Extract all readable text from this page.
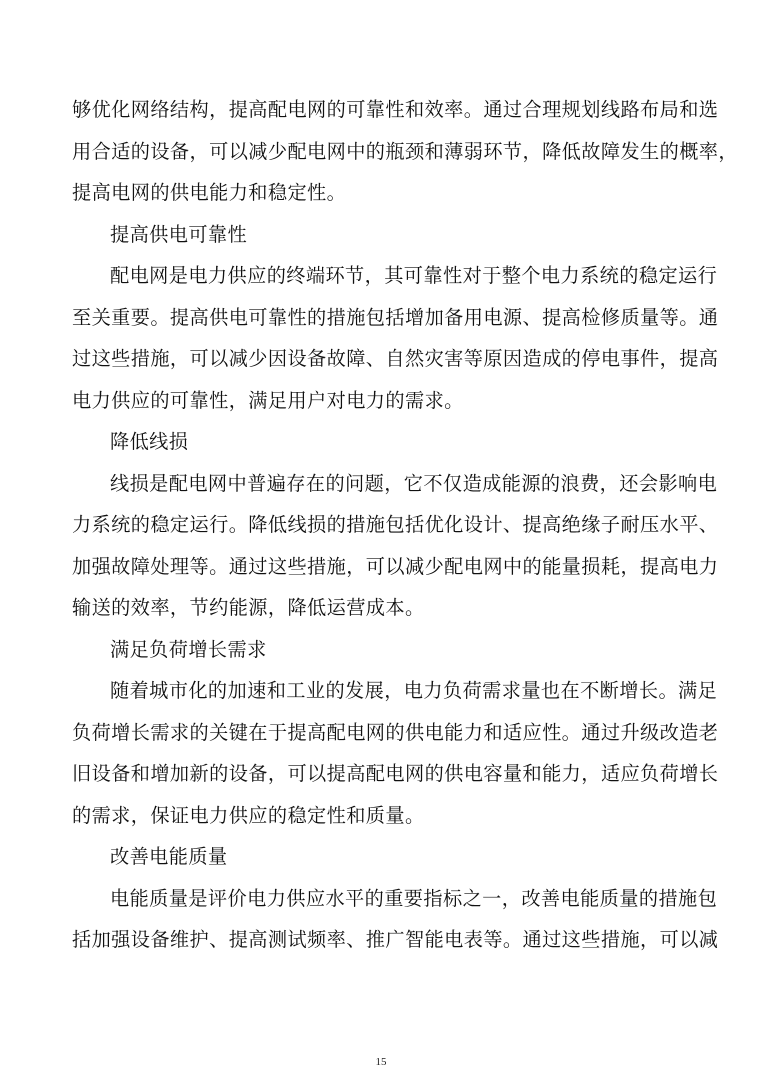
够优化网络结构，提高配电网的可靠性和效率。通过合理规划线路布局和选
用合适的设备，可以减少配电网中的瓶颈和薄弱环节，降低故障发生的概率，
提高电网的供电能力和稳定性。
提高供电可靠性
配电网是电力供应的终端环节，其可靠性对于整个电力系统的稳定运行
至关重要。提高供电可靠性的措施包括增加备用电源、提高检修质量等。通
过这些措施，可以减少因设备故障、自然灾害等原因造成的停电事件，提高
电力供应的可靠性，满足用户对电力的需求。
降低线损
线损是配电网中普遍存在的问题，它不仅造成能源的浪费，还会影响电
力系统的稳定运行。降低线损的措施包括优化设计、提高绝缘子耐压水平、
加强故障处理等。通过这些措施，可以减少配电网中的能量损耗，提高电力
输送的效率，节约能源，降低运营成本。
满足负荷增长需求
随着城市化的加速和工业的发展，电力负荷需求量也在不断增长。满足
负荷增长需求的关键在于提高配电网的供电能力和适应性。通过升级改造老
旧设备和增加新的设备，可以提高配电网的供电容量和能力，适应负荷增长
的需求，保证电力供应的稳定性和质量。
改善电能质量
电能质量是评价电力供应水平的重要指标之一，改善电能质量的措施包
括加强设备维护、提高测试频率、推广智能电表等。通过这些措施，可以减
15
